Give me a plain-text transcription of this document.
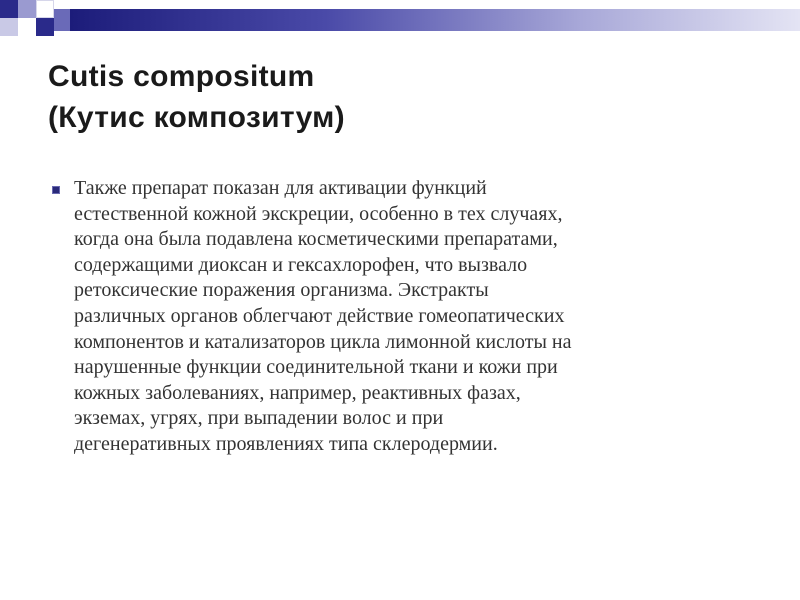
Cutis compositum
(Кутис композитум)

Также препарат показан для активации функций
естественной кожной экскреции, особенно в тех случаях,
когда она была подавлена косметическими препаратами,
содержащими диоксан и гексахлорофен, что вызвало
ретоксические поражения организма. Экстракты
различных органов облегчают действие гомеопатических
компонентов и катализаторов цикла лимонной кислоты на
нарушенные функции соединительной ткани и кожи при
кожных заболеваниях, например, реактивных фазах,
экземах, угрях, при выпадении волос и при
дегенеративных проявлениях типа склеродермии.
